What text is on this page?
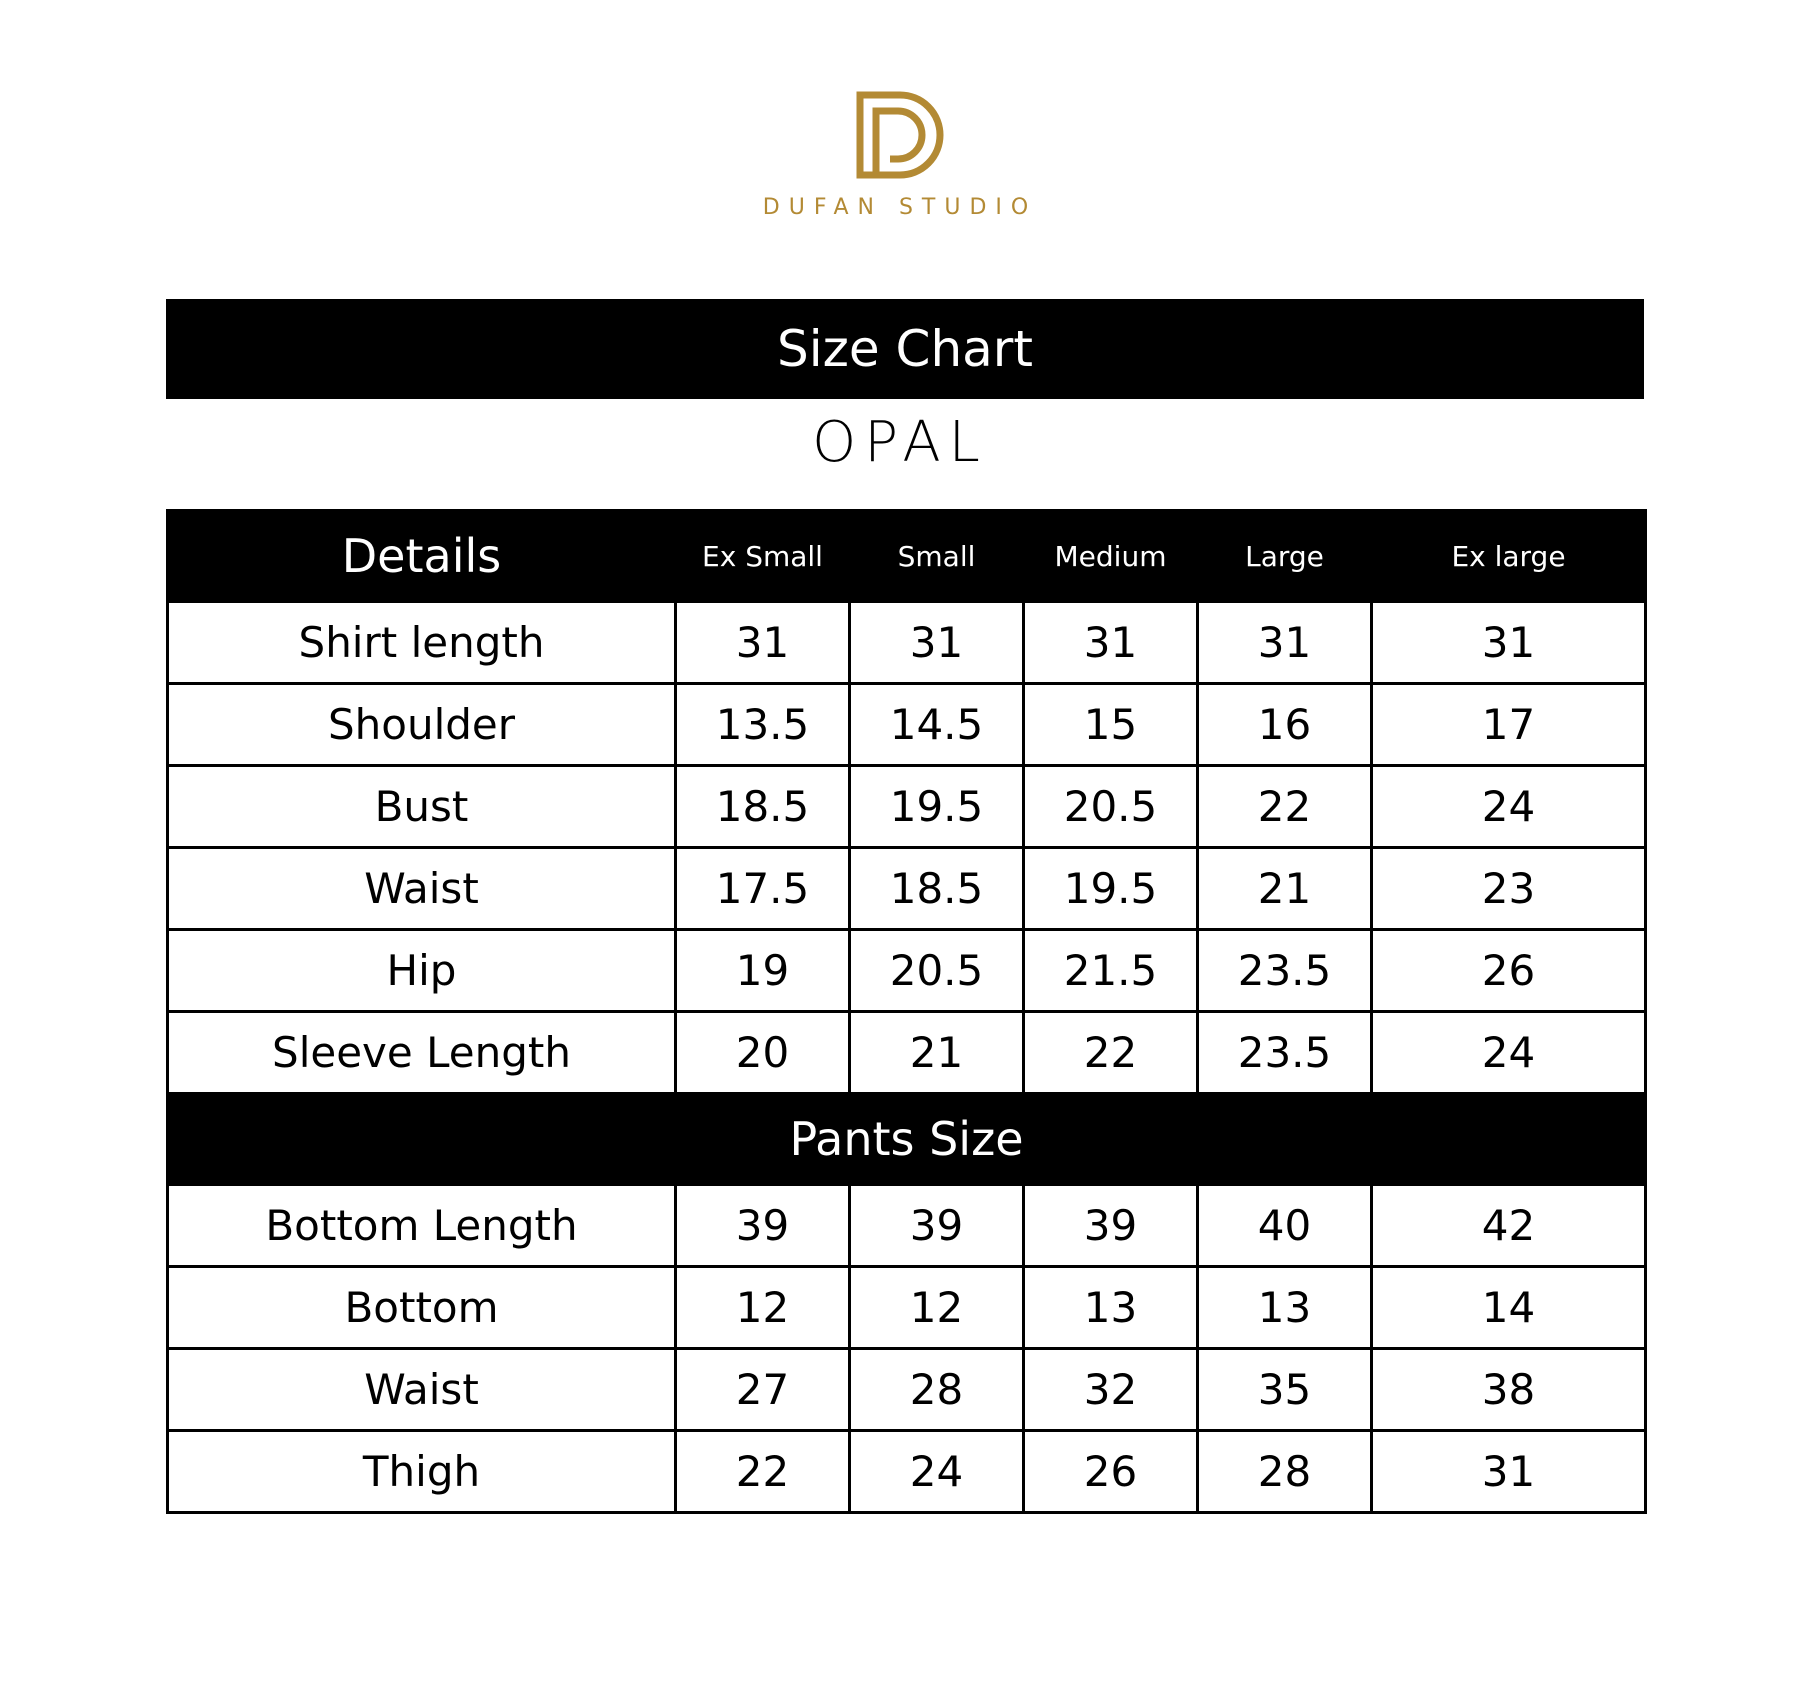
DUFAN STUDIO
Size Chart
OPAL
Details	Ex Small	Small	Medium	Large	Ex large
Shirt length	31	31	31	31	31
Shoulder	13.5	14.5	15	16	17
Bust	18.5	19.5	20.5	22	24
Waist	17.5	18.5	19.5	21	23
Hip	19	20.5	21.5	23.5	26
Sleeve Length	20	21	22	23.5	24
Pants Size					
Bottom Length	39	39	39	40	42
Bottom	12	12	13	13	14
Waist	27	28	32	35	38
Thigh	22	24	26	28	31
